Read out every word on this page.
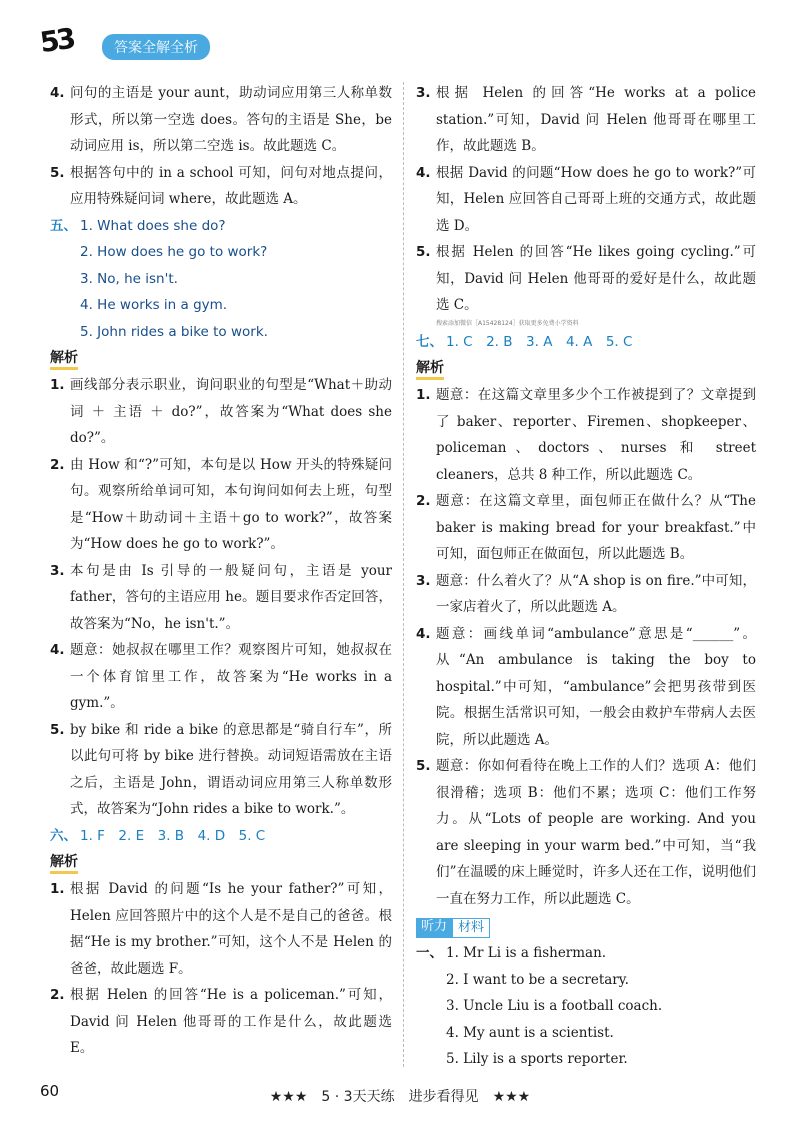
53	答案全解全析
4. 问句的主语是 your aunt，助动词应用第三人称单数形式，所以第一空选 does。答句的主语是 She，be 动词应用 is，所以第二空选 is。故此题选 C。
5. 根据答句中的 in a school 可知，问句对地点提问，应用特殊疑问词 where，故此题选 A。
五、 1. What does she do?
2. How does he go to work?
3. No, he isn't.
4. He works in a gym.
5. John rides a bike to work.
解析
1. 画线部分表示职业，询问职业的句型是“What＋助动词 ＋ 主语 ＋ do?”，故答案为“What does she do?”。
2. 由 How 和“?”可知，本句是以 How 开头的特殊疑问句。观察所给单词可知，本句询问如何去上班，句型是“How＋助动词＋主语＋go to work?”，故答案为“How does he go to work?”。
3. 本句是由 Is 引导的一般疑问句，主语是 your father，答句的主语应用 he。题目要求作否定回答，故答案为“No，he isn't.”。
4. 题意：她叔叔在哪里工作？观察图片可知，她叔叔在一个体育馆里工作，故答案为“He works in a gym.”。
5. by bike 和 ride a bike 的意思都是“骑自行车”，所以此句可将 by bike 进行替换。动词短语需放在主语之后，主语是 John，谓语动词应用第三人称单数形式，故答案为“John rides a bike to work.”。
六、 1. F　2. E　3. B　4. D　5. C
解析
1. 根据 David 的问题“Is he your father?”可知，Helen 应回答照片中的这个人是不是自己的爸爸。根据“He is my brother.”可知，这个人不是 Helen 的爸爸，故此题选 F。
2. 根据 Helen 的回答“He is a policeman.”可知，David 问 Helen 他哥哥的工作是什么，故此题选 E。
3. 根据 Helen 的回答“He works at a police station.”可知，David 问 Helen 他哥哥在哪里工作，故此题选 B。
4. 根据 David 的问题“How does he go to work?”可知，Helen 应回答自己哥哥上班的交通方式，故此题选 D。
5. 根据 Helen 的回答“He likes going cycling.”可知，David 问 Helen 他哥哥的爱好是什么，故此题选 C。
搜索添加微信［A15428124］获取更多免费小学资料
七、 1. C　2. B　3. A　4. A　5. C
解析
1. 题意：在这篇文章里多少个工作被提到了？文章提到了 baker、reporter、Firemen、shopkeeper、policeman、doctors、nurses 和 street cleaners，总共 8 种工作，所以此题选 C。
2. 题意：在这篇文章里，面包师正在做什么？从“The baker is making bread for your breakfast.”中可知，面包师正在做面包，所以此题选 B。
3. 题意：什么着火了？从“A shop is on fire.”中可知，一家店着火了，所以此题选 A。
4. 题意：画线单词“ambulance”意思是“______”。从“An ambulance is taking the boy to hospital.”中可知，“ambulance”会把男孩带到医院。根据生活常识可知，一般会由救护车带病人去医院，所以此题选 A。
5. 题意：你如何看待在晚上工作的人们？选项 A：他们很滑稽；选项 B：他们不累；选项 C：他们工作努力。从“Lots of people are working. And you are sleeping in your warm bed.”中可知，当“我们”在温暖的床上睡觉时，许多人还在工作，说明他们一直在努力工作，所以此题选 C。
听力 材料
一、 1. Mr Li is a fisherman.
2. I want to be a secretary.
3. Uncle Liu is a football coach.
4. My aunt is a scientist.
5. Lily is a sports reporter.
60	★★★　5 · 3天天练　进步看得见　★★★
